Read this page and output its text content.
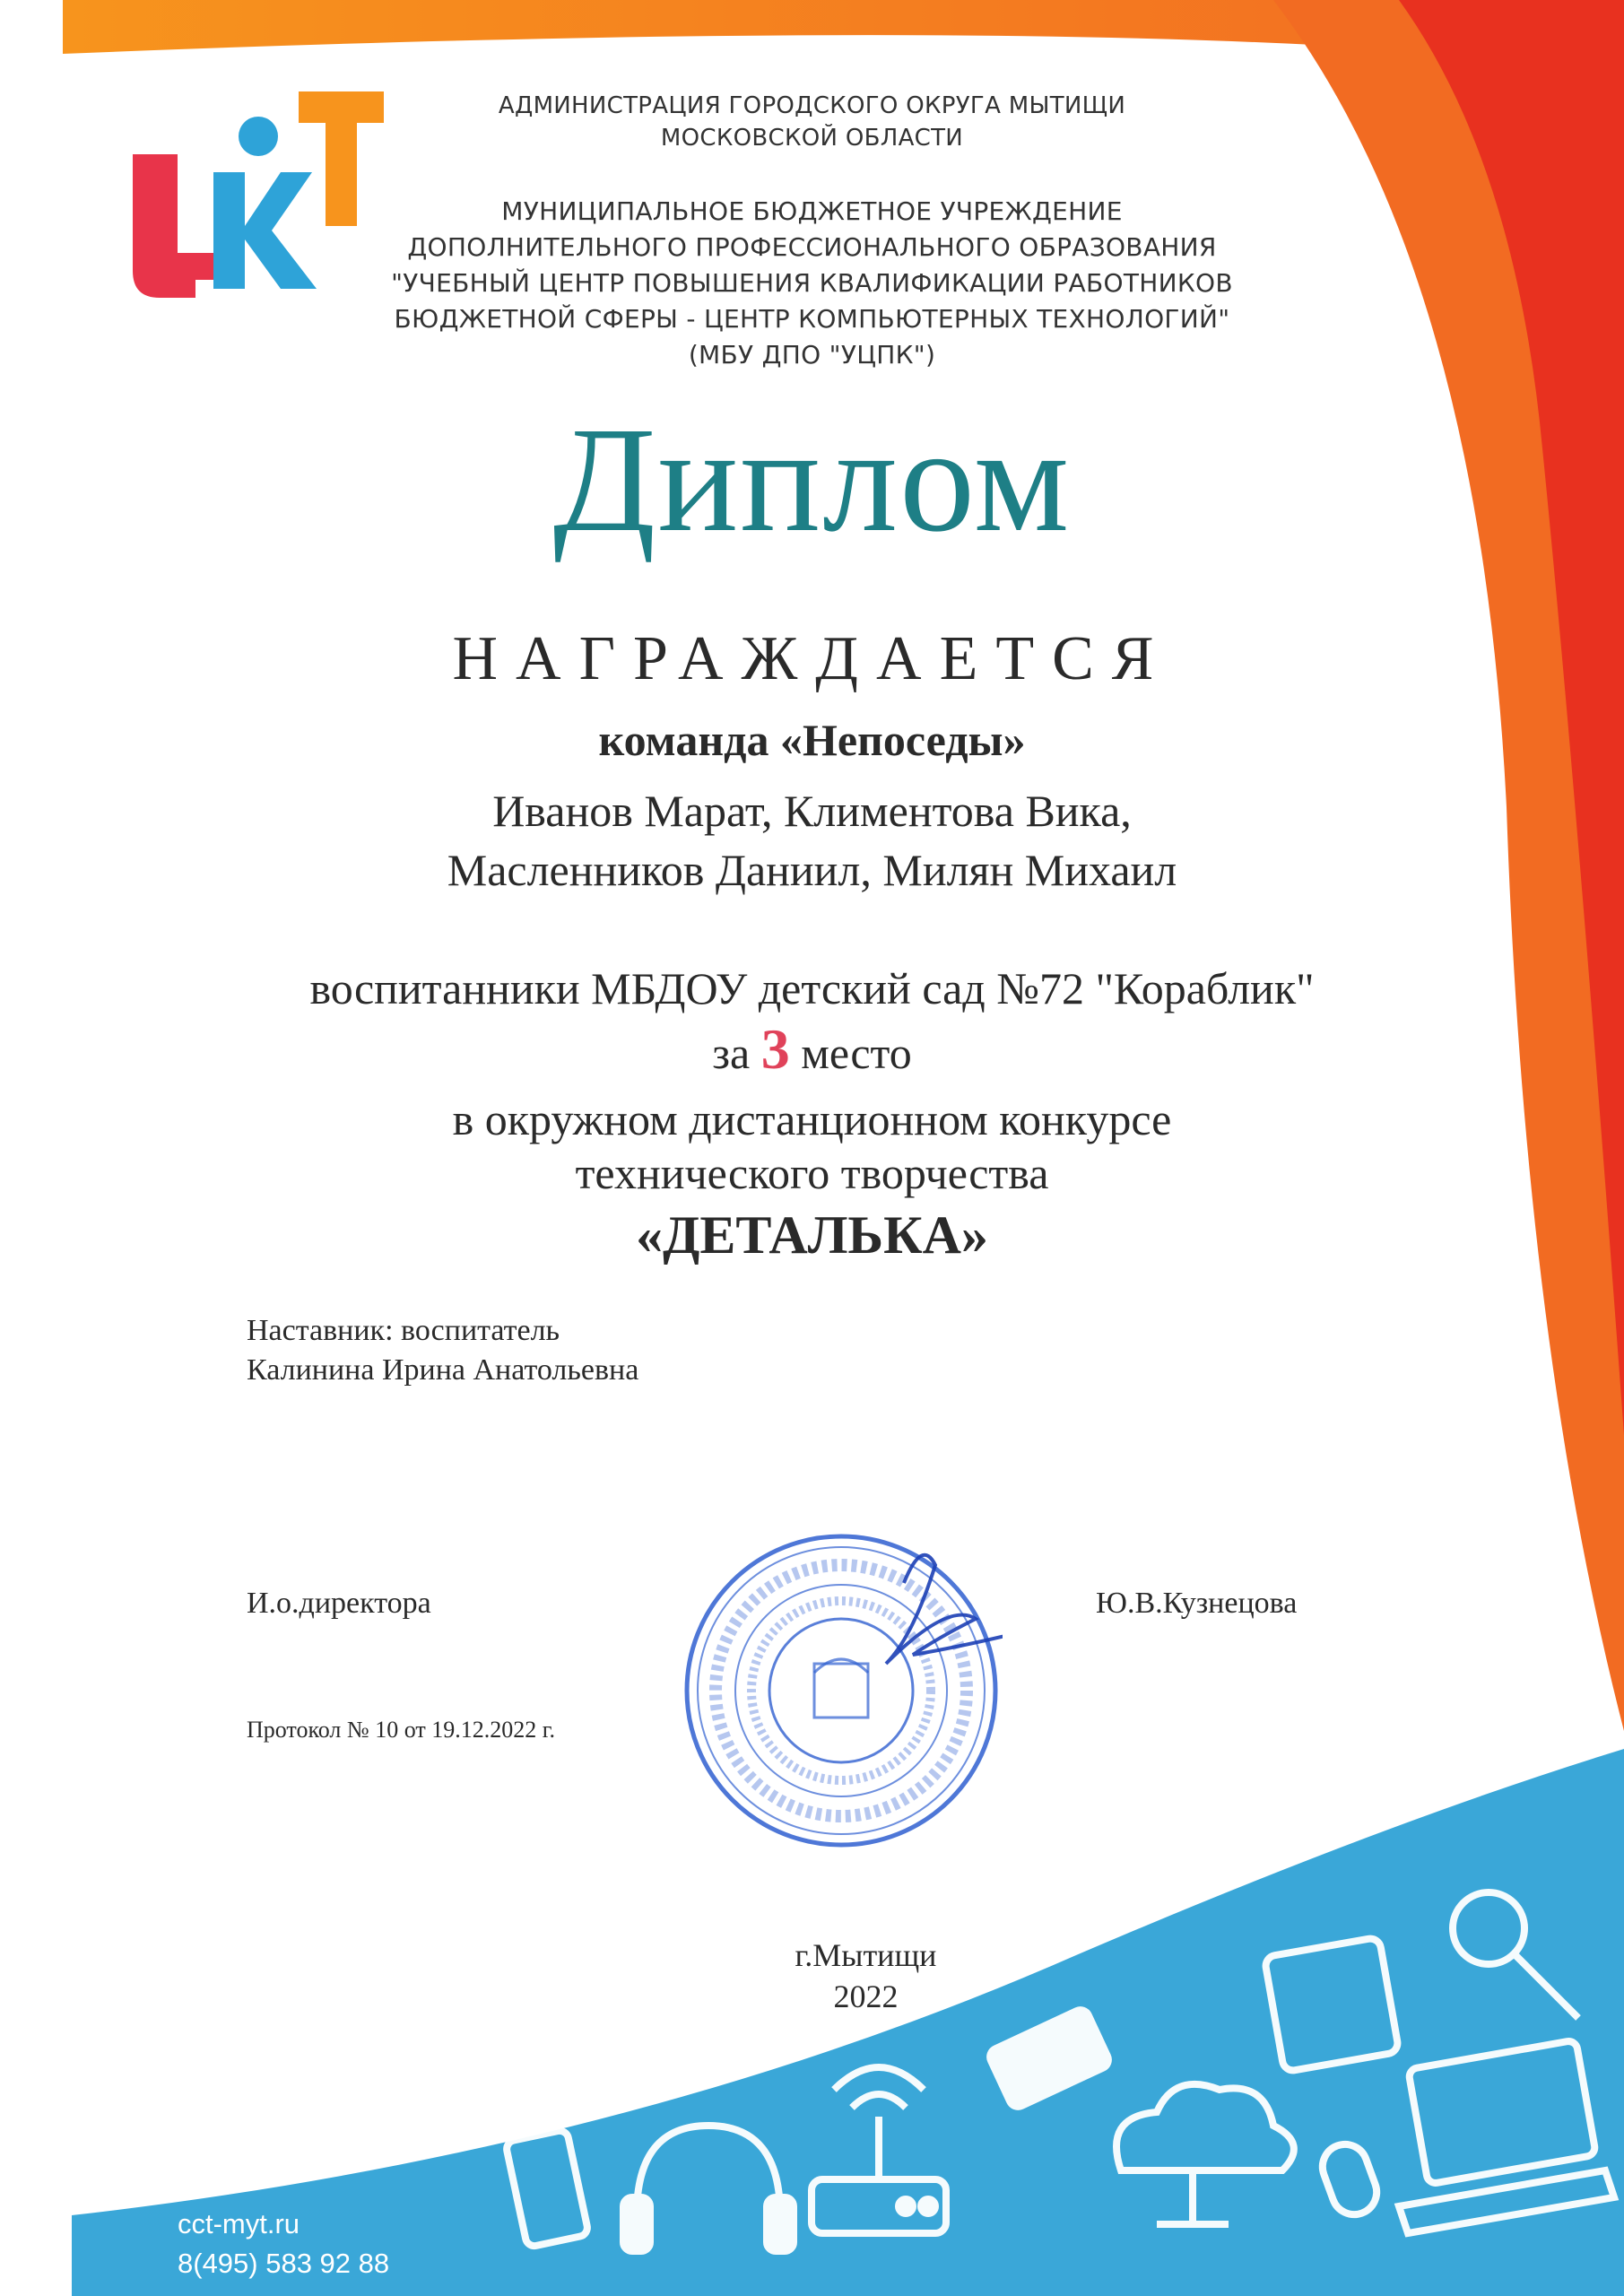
ЦКТ
АДМИНИСТРАЦИЯ ГОРОДСКОГО ОКРУГА МЫТИЩИ
МОСКОВСКОЙ ОБЛАСТИ
МУНИЦИПАЛЬНОЕ БЮДЖЕТНОЕ УЧРЕЖДЕНИЕ
ДОПОЛНИТЕЛЬНОГО ПРОФЕССИОНАЛЬНОГО ОБРАЗОВАНИЯ
"УЧЕБНЫЙ ЦЕНТР ПОВЫШЕНИЯ КВАЛИФИКАЦИИ РАБОТНИКОВ
БЮДЖЕТНОЙ СФЕРЫ - ЦЕНТР КОМПЬЮТЕРНЫХ ТЕХНОЛОГИЙ"
(МБУ ДПО "УЦПК")
Диплом
НАГРАЖДАЕТСЯ
команда «Непоседы»
Иванов Марат, Климентова Вика,
Масленников Даниил, Милян Михаил
воспитанники МБДОУ детский сад №72 "Кораблик"
за 3 место
в окружном дистанционном конкурсе
технического творчества
«ДЕТАЛЬКА»
Наставник: воспитатель
Калинина Ирина Анатольевна
И.о.директора	Ю.В.Кузнецова
Протокол № 10 от 19.12.2022 г.
г.Мытищи
2022
cct-myt.ru
8(495) 583 92 88
